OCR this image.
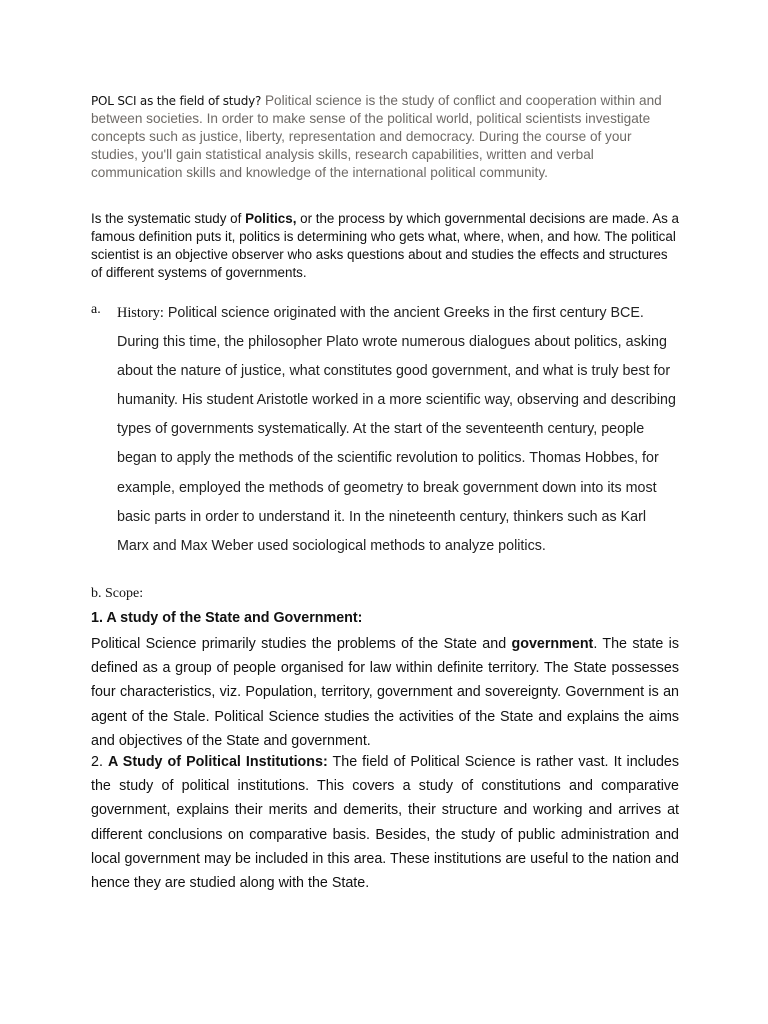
POL SCI as the field of study? Political science is the study of conflict and cooperation within and between societies. In order to make sense of the political world, political scientists investigate concepts such as justice, liberty, representation and democracy. During the course of your studies, you'll gain statistical analysis skills, research capabilities, written and verbal communication skills and knowledge of the international political community.

Is the systematic study of Politics, or the process by which governmental decisions are made. As a famous definition puts it, politics is determining who gets what, where, when, and how. The political scientist is an objective observer who asks questions about and studies the effects and structures of different systems of governments.

a. History: Political science originated with the ancient Greeks in the first century BCE. During this time, the philosopher Plato wrote numerous dialogues about politics, asking about the nature of justice, what constitutes good government, and what is truly best for humanity. His student Aristotle worked in a more scientific way, observing and describing types of governments systematically. At the start of the seventeenth century, people began to apply the methods of the scientific revolution to politics. Thomas Hobbes, for example, employed the methods of geometry to break government down into its most basic parts in order to understand it. In the nineteenth century, thinkers such as Karl Marx and Max Weber used sociological methods to analyze politics.

b. Scope:
1. A study of the State and Government:

Political Science primarily studies the problems of the State and government. The state is defined as a group of people organised for law within definite territory. The State possesses four characteristics, viz. Population, territory, government and sovereignty. Government is an agent of the Stale. Political Science studies the activities of the State and explains the aims and objectives of the State and government.

2. A Study of Political Institutions: The field of Political Science is rather vast. It includes the study of political institutions. This covers a study of constitutions and comparative government, explains their merits and demerits, their structure and working and arrives at different conclusions on comparative basis. Besides, the study of public administration and local government may be included in this area. These institutions are useful to the nation and hence they are studied along with the State.
